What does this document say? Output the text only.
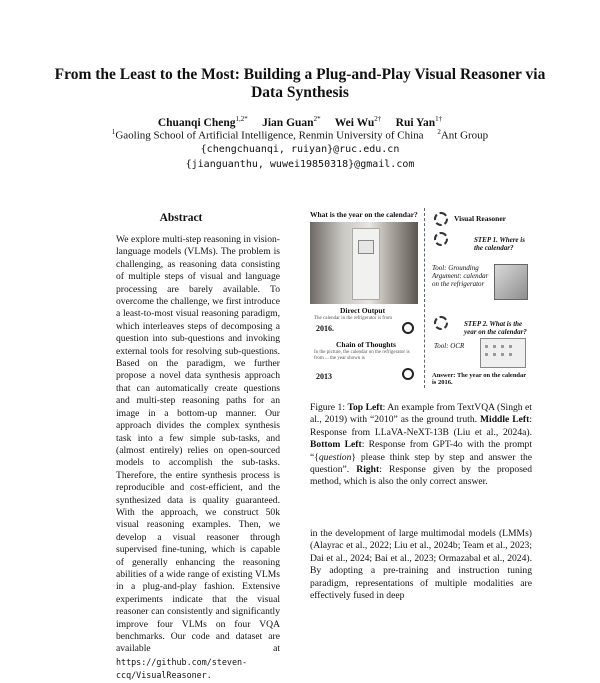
From the Least to the Most: Building a Plug-and-Play Visual Reasoner via Data Synthesis
Chuanqi Cheng$^{1,2*}$ Jian Guan$^{2*}$ Wei $Wu^{2\dagger}$ Rui Yan$^{1\dagger}$
$^1$Gaoling School of Artificial Intelligence, Renmin University of China $^2$Ant Group
{chengchuanqi, ruiyan}@ruc.edu.cn
{jianguanthu, wuwei19850318}@gmail.com
Abstract
We explore multi-step reasoning in vision-language models (VLMs). The problem is challenging, as reasoning data consisting of multiple steps of visual and language processing are barely available. To overcome the challenge, we first introduce a least-to-most visual reasoning paradigm, which interleaves steps of decomposing a question into sub-questions and invoking external tools for resolving sub-questions. Based on the paradigm, we further propose a novel data synthesis approach that can automatically create questions and multi-step reasoning paths for an image in a bottom-up manner. Our approach divides the complex synthesis task into a few simple sub-tasks, and (almost entirely) relies on open-sourced models to accomplish the sub-tasks. Therefore, the entire synthesis process is reproducible and cost-efficient, and the synthesized data is quality guaranteed. With the approach, we construct 50k visual reasoning examples. Then, we develop a visual reasoner through supervised fine-tuning, which is capable of generally enhancing the reasoning abilities of a wide range of existing VLMs in a plug-and-play fashion. Extensive experiments indicate that the visual reasoner can consistently and significantly improve four VLMs on four VQA benchmarks. Our code and dataset are available at https://github.com/steven-ccq/VisualReasoner.
What is the year on the calendar?
Direct Output
The calendar in the refrigerator is from
2016.
Chain of Thoughts
In the picture, the calendar on the refrigerator is from ... the year shown is
2013
Visual Reasoner
STEP 1. Where is the calendar?
Tool: Grounding Argument: calendar on the refrigerator
STEP 2. What is the year on the calendar?
Tool: OCR
Answer: The year on the calendar is 2016.
Figure 1: Top Left: An example from TextVQA (Singh et al., 2019) with “2010” as the ground truth. Middle Left: Response from LLaVA-NeXT-13B (Liu et al., 2024a). Bottom Left: Response from GPT-4o with the prompt “{question} please think step by step and answer the question”. Right: Response given by the proposed method, which is also the only correct answer.
in the development of large multimodal models (LMMs) (Alayrac et al., 2022; Liu et al., 2024b; Team et al., 2023; Dai et al., 2024; Bai et al., 2023; Ormazabal et al., 2024). By adopting a pre-training and instruction tuning paradigm, representations of multiple modalities are effectively fused in deep
